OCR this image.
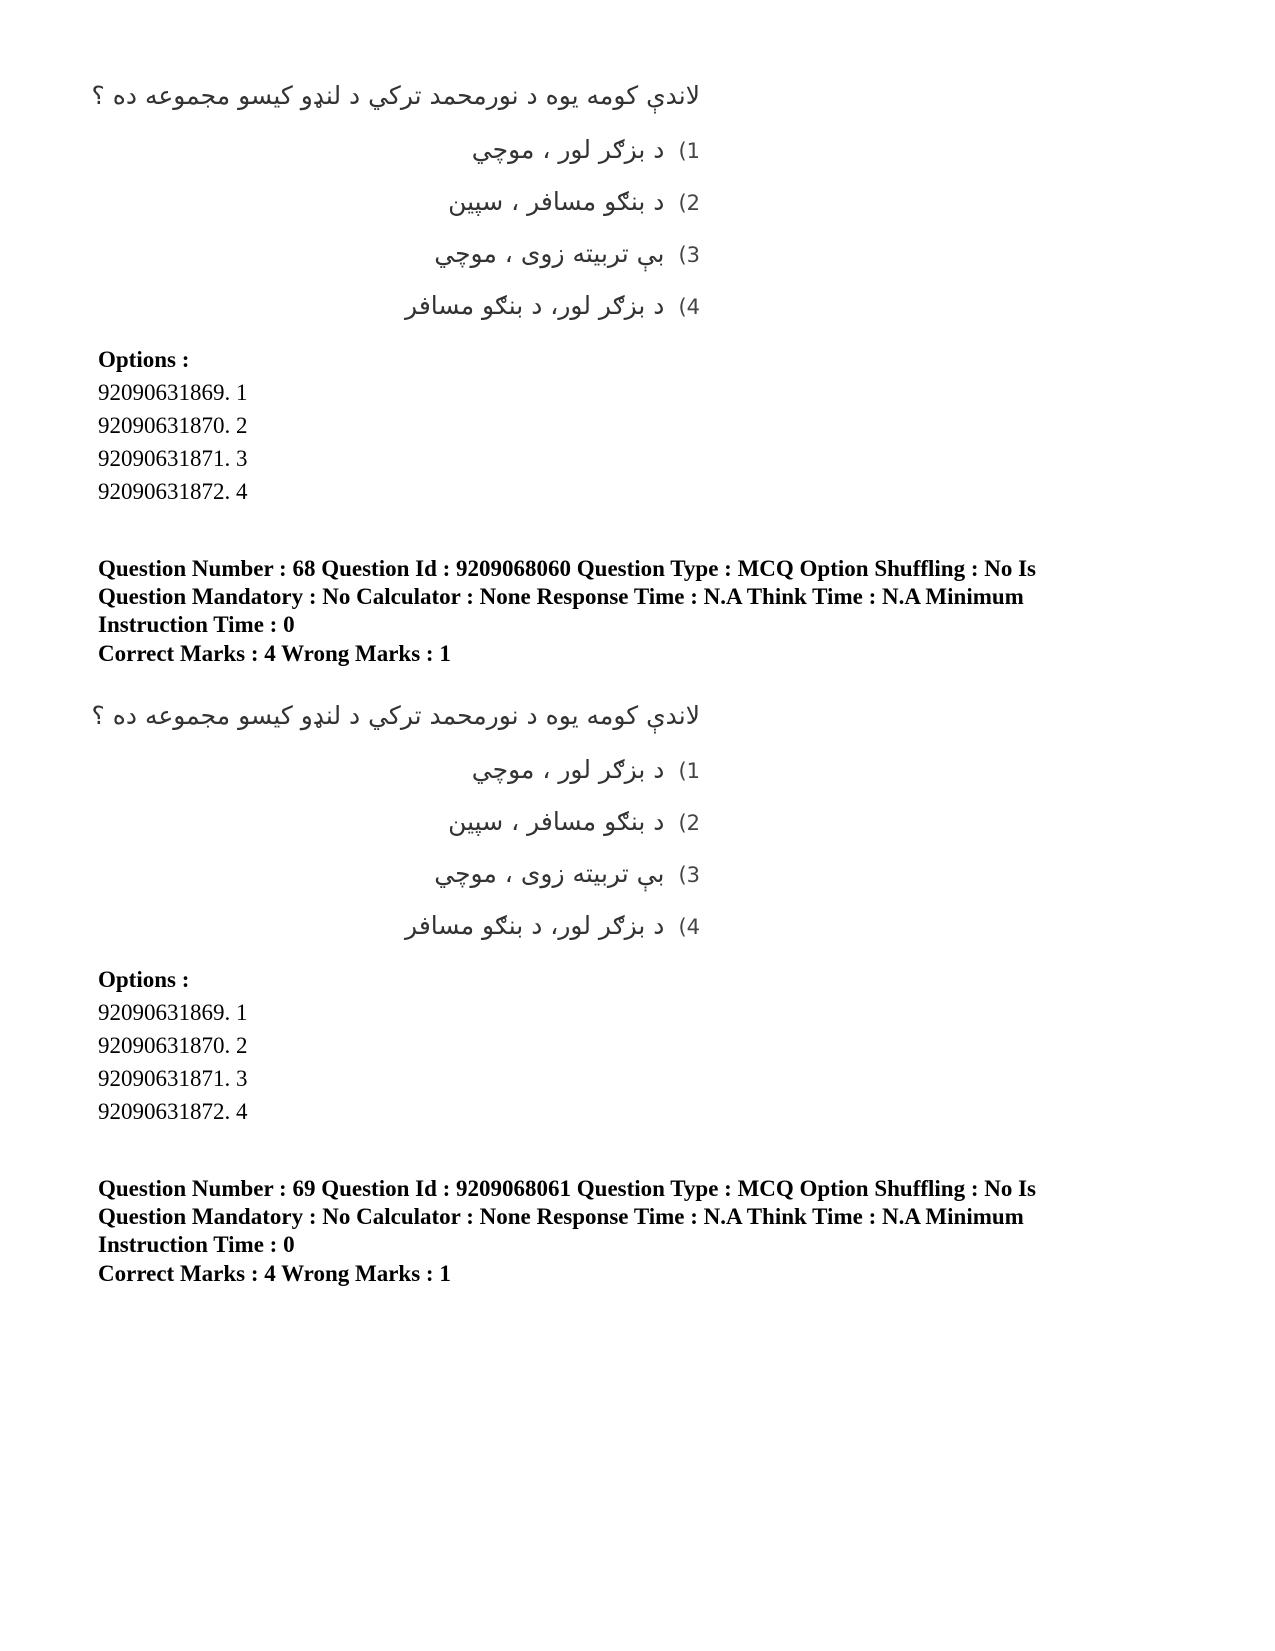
لاندې کومه یوه د نورمحمد ترکي د لنډو کیسو مجموعه ده ؟
(1د بزګر لور ، موچي
(2د بنګو مسافر ، سپین
(3بې تربیته زوی ، موچي
(4د بزګر لور، د بنګو مسافر
Options :
92090631869. 1
92090631870. 2
92090631871. 3
92090631872. 4
Question Number : 68 Question Id : 9209068060 Question Type : MCQ Option Shuffling : No Is Question Mandatory : No Calculator : None Response Time : N.A Think Time : N.A Minimum Instruction Time : 0
Correct Marks : 4 Wrong Marks : 1
لاندې کومه یوه د نورمحمد ترکي د لنډو کیسو مجموعه ده ؟
(1د بزګر لور ، موچي
(2د بنګو مسافر ، سپین
(3بې تربیته زوی ، موچي
(4د بزګر لور، د بنګو مسافر
Options :
92090631869. 1
92090631870. 2
92090631871. 3
92090631872. 4
Question Number : 69 Question Id : 9209068061 Question Type : MCQ Option Shuffling : No Is Question Mandatory : No Calculator : None Response Time : N.A Think Time : N.A Minimum Instruction Time : 0
Correct Marks : 4 Wrong Marks : 1
